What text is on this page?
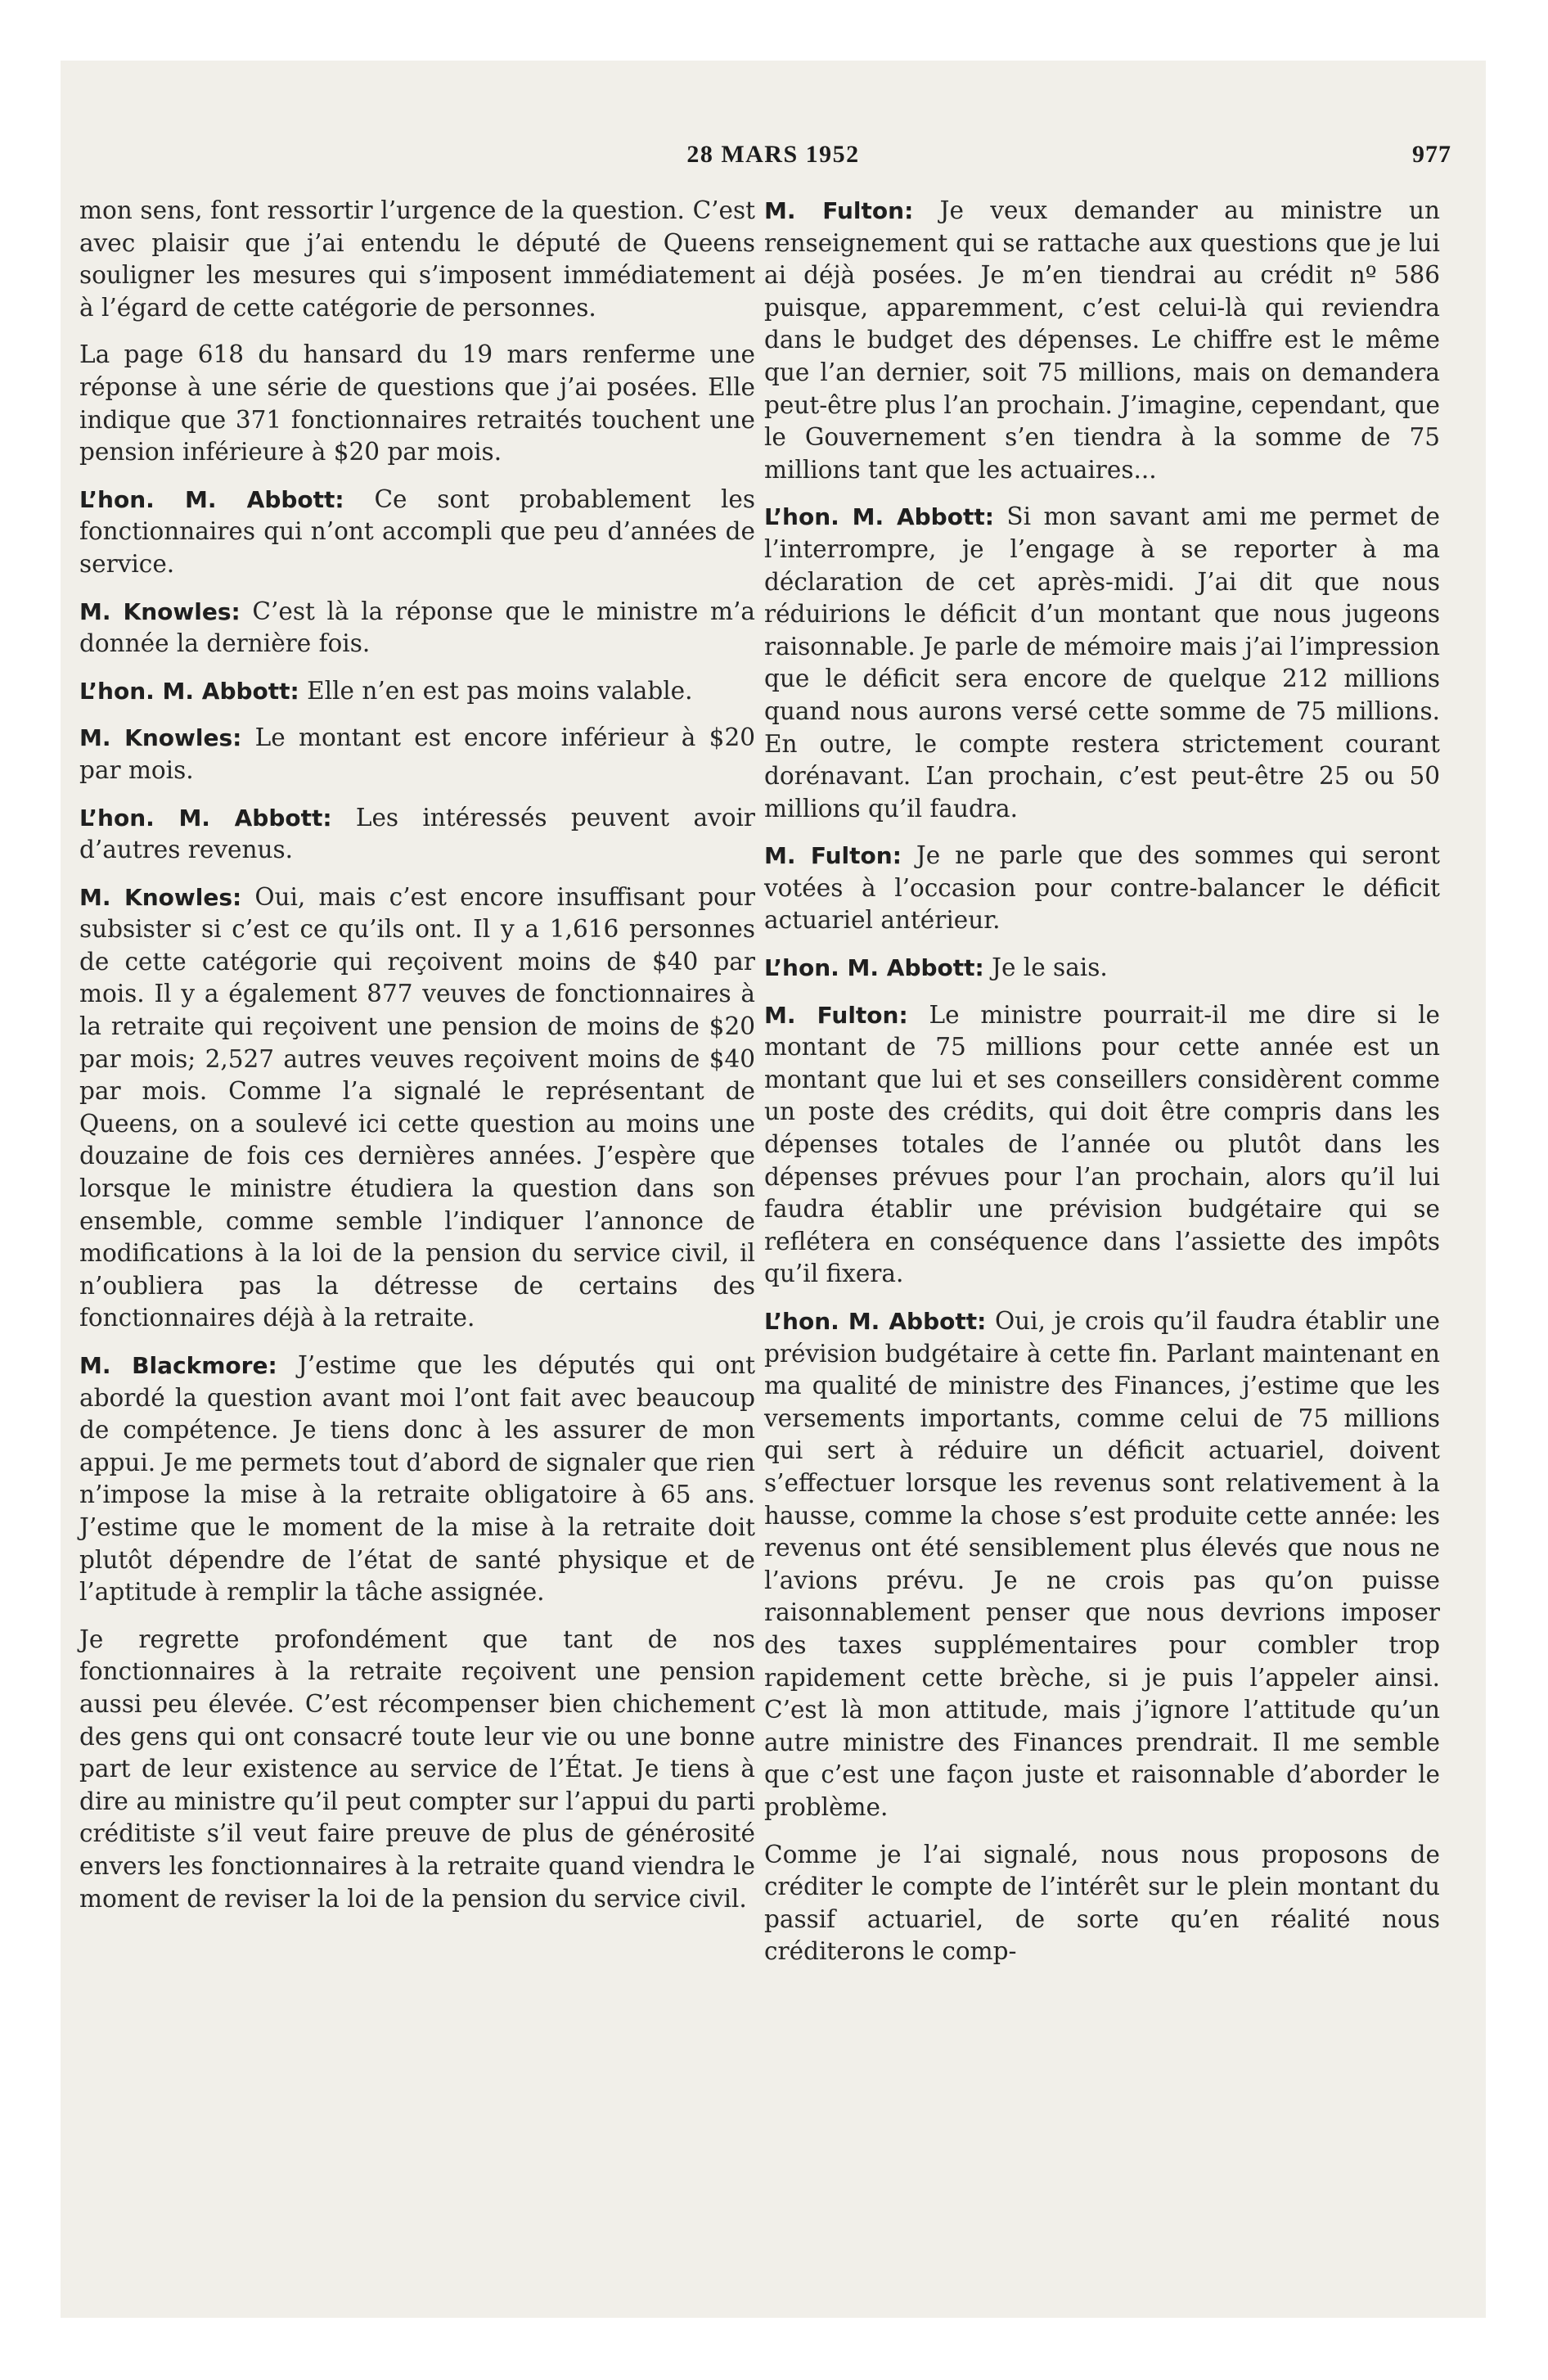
28 MARS 1952	977

mon sens, font ressortir l’urgence de la question. C’est avec plaisir que j’ai entendu le député de Queens souligner les mesures qui s’imposent immédiatement à l’égard de cette catégorie de personnes.

La page 618 du hansard du 19 mars renferme une réponse à une série de questions que j’ai posées. Elle indique que 371 fonctionnaires retraités touchent une pension inférieure à $20 par mois.

L’hon. M. Abbott: Ce sont probablement les fonctionnaires qui n’ont accompli que peu d’années de service.

M. Knowles: C’est là la réponse que le ministre m’a donnée la dernière fois.

L’hon. M. Abbott: Elle n’en est pas moins valable.

M. Knowles: Le montant est encore inférieur à $20 par mois.

L’hon. M. Abbott: Les intéressés peuvent avoir d’autres revenus.

M. Knowles: Oui, mais c’est encore insuffisant pour subsister si c’est ce qu’ils ont. Il y a 1,616 personnes de cette catégorie qui reçoivent moins de $40 par mois. Il y a également 877 veuves de fonctionnaires à la retraite qui reçoivent une pension de moins de $20 par mois; 2,527 autres veuves reçoivent moins de $40 par mois. Comme l’a signalé le représentant de Queens, on a soulevé ici cette question au moins une douzaine de fois ces dernières années. J’espère que lorsque le ministre étudiera la question dans son ensemble, comme semble l’indiquer l’annonce de modifications à la loi de la pension du service civil, il n’oubliera pas la détresse de certains des fonctionnaires déjà à la retraite.

M. Blackmore: J’estime que les députés qui ont abordé la question avant moi l’ont fait avec beaucoup de compétence. Je tiens donc à les assurer de mon appui. Je me permets tout d’abord de signaler que rien n’impose la mise à la retraite obligatoire à 65 ans. J’estime que le moment de la mise à la retraite doit plutôt dépendre de l’état de santé physique et de l’aptitude à remplir la tâche assignée.

Je regrette profondément que tant de nos fonctionnaires à la retraite reçoivent une pension aussi peu élevée. C’est récompenser bien chichement des gens qui ont consacré toute leur vie ou une bonne part de leur existence au service de l’État. Je tiens à dire au ministre qu’il peut compter sur l’appui du parti créditiste s’il veut faire preuve de plus de générosité envers les fonctionnaires à la retraite quand viendra le moment de reviser la loi de la pension du service civil.

M. Fulton: Je veux demander au ministre un renseignement qui se rattache aux questions que je lui ai déjà posées. Je m’en tiendrai au crédit nº 586 puisque, apparemment, c’est celui-là qui reviendra dans le budget des dépenses. Le chiffre est le même que l’an dernier, soit 75 millions, mais on demandera peut-être plus l’an prochain. J’imagine, cependant, que le Gouvernement s’en tiendra à la somme de 75 millions tant que les actuaires...

L’hon. M. Abbott: Si mon savant ami me permet de l’interrompre, je l’engage à se reporter à ma déclaration de cet après-midi. J’ai dit que nous réduirions le déficit d’un montant que nous jugeons raisonnable. Je parle de mémoire mais j’ai l’impression que le déficit sera encore de quelque 212 millions quand nous aurons versé cette somme de 75 millions. En outre, le compte restera strictement courant dorénavant. L’an prochain, c’est peut-être 25 ou 50 millions qu’il faudra.

M. Fulton: Je ne parle que des sommes qui seront votées à l’occasion pour contre-balancer le déficit actuariel antérieur.

L’hon. M. Abbott: Je le sais.

M. Fulton: Le ministre pourrait-il me dire si le montant de 75 millions pour cette année est un montant que lui et ses conseillers considèrent comme un poste des crédits, qui doit être compris dans les dépenses totales de l’année ou plutôt dans les dépenses prévues pour l’an prochain, alors qu’il lui faudra établir une prévision budgétaire qui se reflétera en conséquence dans l’assiette des impôts qu’il fixera.

L’hon. M. Abbott: Oui, je crois qu’il faudra établir une prévision budgétaire à cette fin. Parlant maintenant en ma qualité de ministre des Finances, j’estime que les versements importants, comme celui de 75 millions qui sert à réduire un déficit actuariel, doivent s’effectuer lorsque les revenus sont relativement à la hausse, comme la chose s’est produite cette année: les revenus ont été sensiblement plus élevés que nous ne l’avions prévu. Je ne crois pas qu’on puisse raisonnablement penser que nous devrions imposer des taxes supplémentaires pour combler trop rapidement cette brèche, si je puis l’appeler ainsi. C’est là mon attitude, mais j’ignore l’attitude qu’un autre ministre des Finances prendrait. Il me semble que c’est une façon juste et raisonnable d’aborder le problème.

Comme je l’ai signalé, nous nous proposons de créditer le compte de l’intérêt sur le plein montant du passif actuariel, de sorte qu’en réalité nous créditerons le comp-
